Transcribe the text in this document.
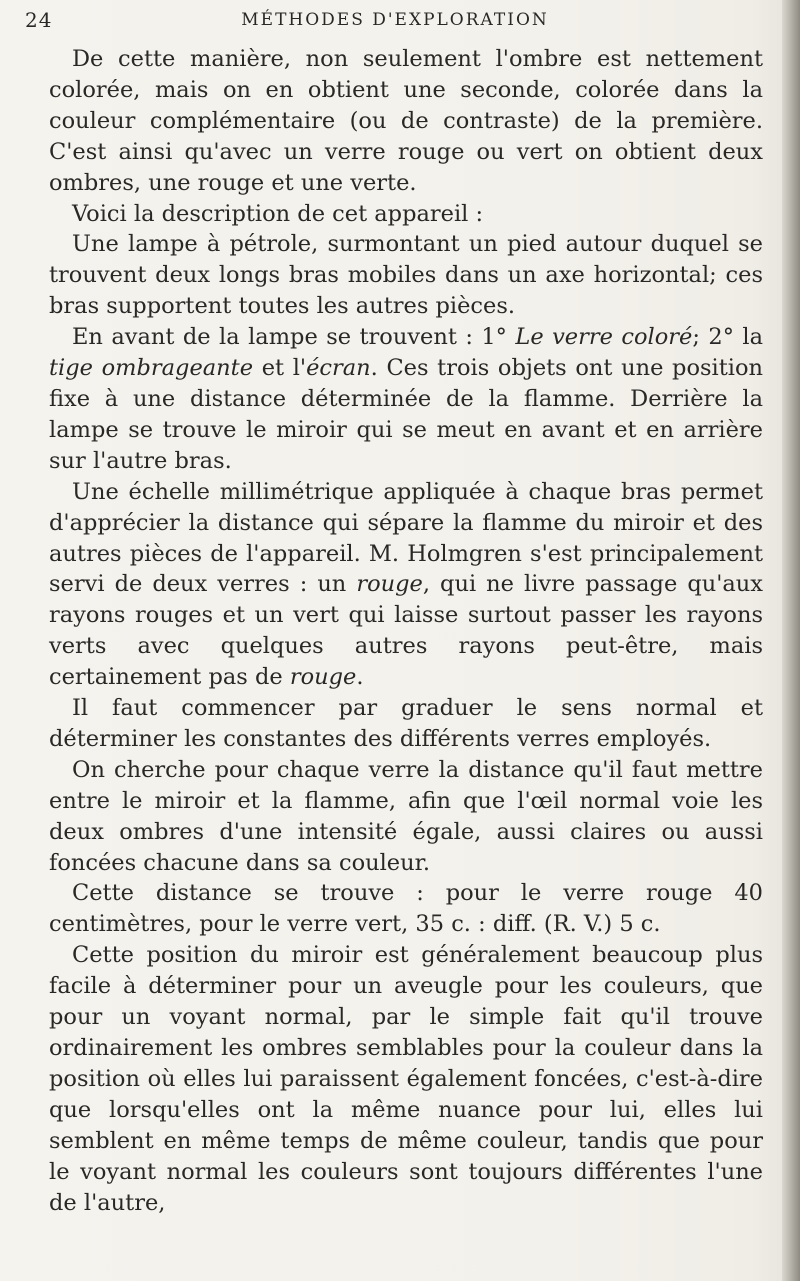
24	MÉTHODES D'EXPLORATION

De cette manière, non seulement l'ombre est nettement colorée, mais on en obtient une seconde, colorée dans la couleur complémentaire (ou de contraste) de la première. C'est ainsi qu'avec un verre rouge ou vert on obtient deux ombres, une rouge et une verte.

Voici la description de cet appareil :

Une lampe à pétrole, surmontant un pied autour duquel se trouvent deux longs bras mobiles dans un axe horizontal; ces bras supportent toutes les autres pièces.

En avant de la lampe se trouvent : 1° Le verre coloré; 2° la tige ombrageante et l'écran. Ces trois objets ont une position fixe à une distance déterminée de la flamme. Derrière la lampe se trouve le miroir qui se meut en avant et en arrière sur l'autre bras.

Une échelle millimétrique appliquée à chaque bras permet d'apprécier la distance qui sépare la flamme du miroir et des autres pièces de l'appareil. M. Holmgren s'est principalement servi de deux verres : un rouge, qui ne livre passage qu'aux rayons rouges et un vert qui laisse surtout passer les rayons verts avec quelques autres rayons peut-être, mais certainement pas de rouge.

Il faut commencer par graduer le sens normal et déterminer les constantes des différents verres employés.

On cherche pour chaque verre la distance qu'il faut mettre entre le miroir et la flamme, afin que l'œil normal voie les deux ombres d'une intensité égale, aussi claires ou aussi foncées chacune dans sa couleur.

Cette distance se trouve : pour le verre rouge 40 centimètres, pour le verre vert, 35 c. : diff. (R. V.) 5 c.

Cette position du miroir est généralement beaucoup plus facile à déterminer pour un aveugle pour les couleurs, que pour un voyant normal, par le simple fait qu'il trouve ordinairement les ombres semblables pour la couleur dans la position où elles lui paraissent également foncées, c'est-à-dire que lorsqu'elles ont la même nuance pour lui, elles lui semblent en même temps de même couleur, tandis que pour le voyant normal les couleurs sont toujours différentes l'une de l'autre,
